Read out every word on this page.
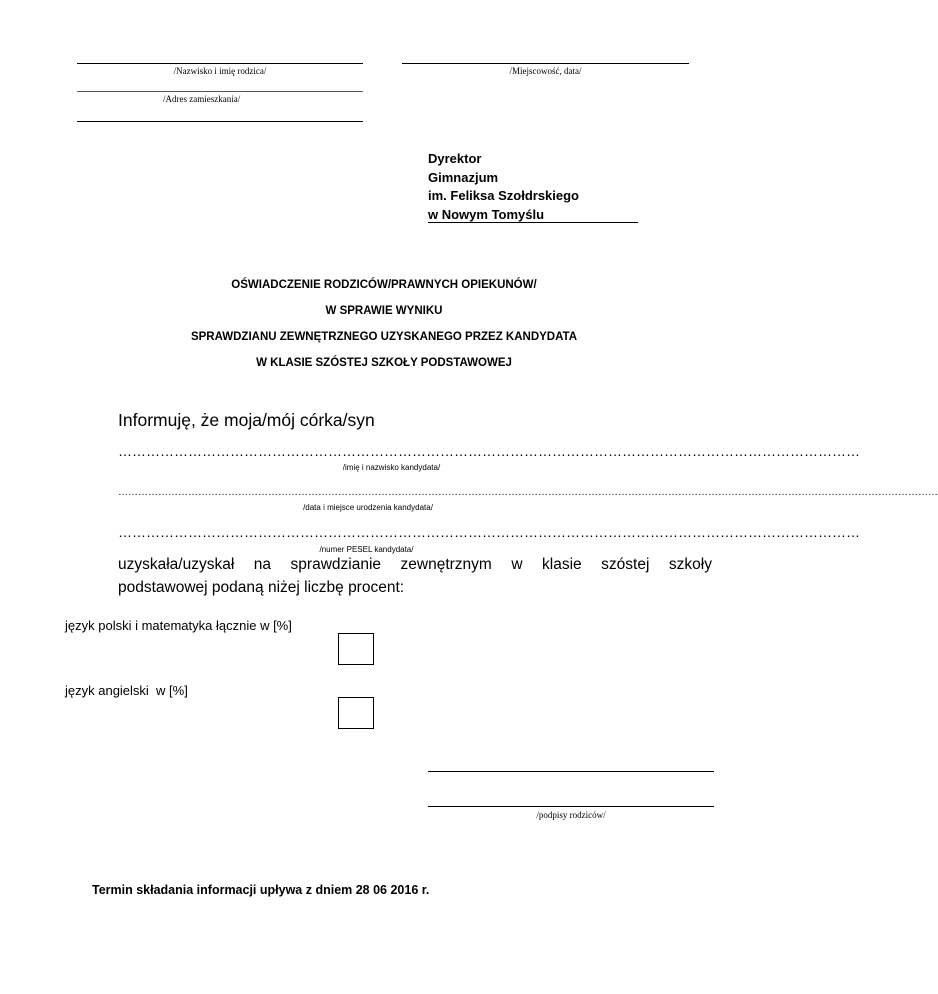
/Nazwisko i imię rodzica/	/Miejscowość, data/
/Adres zamieszkania/
Dyrektor
Gimnazjum
im. Feliksa Szołdrskiego
w Nowym Tomyślu
OŚWIADCZENIE RODZICÓW/PRAWNYCH OPIEKUNÓW/
W SPRAWIE WYNIKU
SPRAWDZIANU ZEWNĘTRZNEGO UZYSKANEGO PRZEZ KANDYDATA
W KLASIE SZÓSTEJ SZKOŁY PODSTAWOWEJ
Informuję, że moja/mój córka/syn
……………………………………………………………………………………………………………………………………………
/imię i nazwisko kandydata/
…………………………………………………………………………………………………………………………………………………………………………………………………………………………
/data i miejsce urodzenia kandydata/
……………………………………………………………………………………………………………………………………………
/numer PESEL kandydata/
uzyskała/uzyskał na sprawdzianie zewnętrznym w klasie szóstej szkoły
podstawowej podaną niżej liczbę procent:
język polski i matematyka łącznie w [%]
język angielski  w [%]
/podpisy rodziców/
Termin składania informacji upływa z dniem 28 06 2016 r.
